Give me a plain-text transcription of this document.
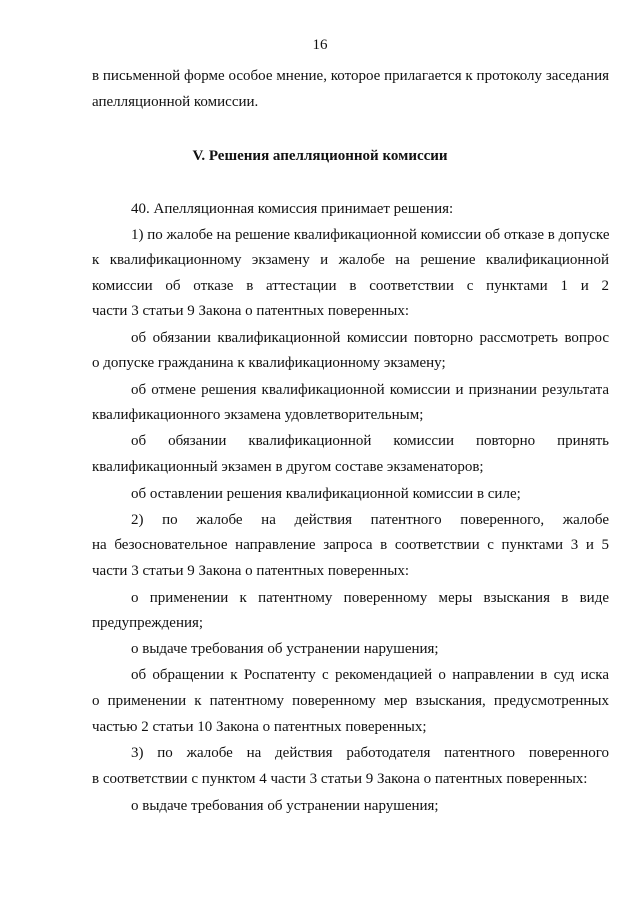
16
в письменной форме особое мнение, которое прилагается к протоколу заседания
апелляционной комиссии.
V. Решения апелляционной комиссии
40. Апелляционная комиссия принимает решения:
1) по жалобе на решение квалификационной комиссии об отказе в допуске
к квалификационному экзамену и жалобе на решение квалификационной
комиссии об отказе в аттестации в соответствии с пунктами 1 и 2
части 3 статьи 9 Закона о патентных поверенных:
об обязании квалификационной комиссии повторно рассмотреть вопрос
о допуске гражданина к квалификационному экзамену;
об отмене решения квалификационной комиссии и признании результата
квалификационного экзамена удовлетворительным;
об обязании квалификационной комиссии повторно принять
квалификационный экзамен в другом составе экзаменаторов;
об оставлении решения квалификационной комиссии в силе;
2) по жалобе на действия патентного поверенного, жалобе
на безосновательное направление запроса в соответствии с пунктами 3 и 5
части 3 статьи 9 Закона о патентных поверенных:
о применении к патентному поверенному меры взыскания в виде
предупреждения;
о выдаче требования об устранении нарушения;
об обращении к Роспатенту с рекомендацией о направлении в суд иска
о применении к патентному поверенному мер взыскания, предусмотренных
частью 2 статьи 10 Закона о патентных поверенных;
3) по жалобе на действия работодателя патентного поверенного
в соответствии с пунктом 4 части 3 статьи 9 Закона о патентных поверенных:
о выдаче требования об устранении нарушения;
